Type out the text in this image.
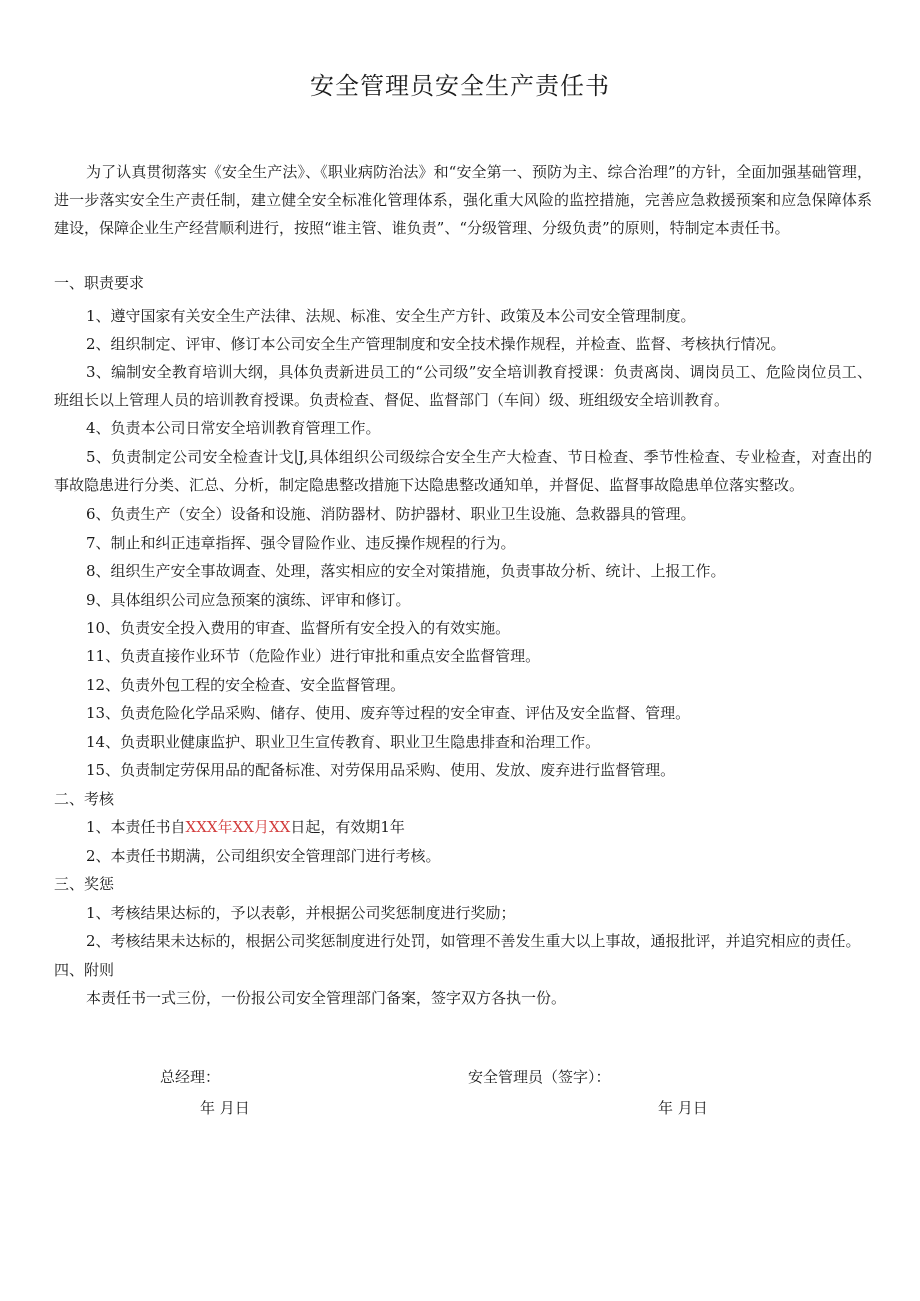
安全管理员安全生产责任书
为了认真贯彻落实《安全生产法》、《职业病防治法》和“安全第一、预防为主、综合治理”的方针，全面加强基础管理，进一步落实安全生产责任制，建立健全安全标准化管理体系，强化重大风险的监控措施，完善应急救援预案和应急保障体系建设，保障企业生产经营顺利进行，按照“谁主管、谁负责”、“分级管理、分级负责”的原则，特制定本责任书。
一、职责要求
1、遵守国家有关安全生产法律、法规、标准、安全生产方针、政策及本公司安全管理制度。
2、组织制定、评审、修订本公司安全生产管理制度和安全技术操作规程，并检查、监督、考核执行情况。
3、编制安全教育培训大纲，具体负责新进员工的“公司级”安全培训教育授课：负责离岗、调岗员工、危险岗位员工、班组长以上管理人员的培训教育授课。负责检查、督促、监督部门（车间）级、班组级安全培训教育。
4、负责本公司日常安全培训教育管理工作。
5、负责制定公司安全检查计戈∣J,具体组织公司级综合安全生产大检查、节日检查、季节性检查、专业检查，对查出的事故隐患进行分类、汇总、分析，制定隐患整改措施下达隐患整改通知单，并督促、监督事故隐患单位落实整改。
6、负责生产（安全）设备和设施、消防器材、防护器材、职业卫生设施、急救器具的管理。
7、制止和纠正违章指挥、强令冒险作业、违反操作规程的行为。
8、组织生产安全事故调查、处理，落实相应的安全对策措施，负责事故分析、统计、上报工作。
9、具体组织公司应急预案的演练、评审和修订。
10、负责安全投入费用的审查、监督所有安全投入的有效实施。
11、负责直接作业环节（危险作业）进行审批和重点安全监督管理。
12、负责外包工程的安全检查、安全监督管理。
13、负责危险化学品采购、储存、使用、废弃等过程的安全审查、评估及安全监督、管理。
14、负责职业健康监护、职业卫生宣传教育、职业卫生隐患排查和治理工作。
15、负责制定劳保用品的配备标准、对劳保用品采购、使用、发放、废弃进行监督管理。
二、考核
1、本责任书自XXX年XX月XX日起，有效期1年
2、本责任书期满，公司组织安全管理部门进行考核。
三、奖惩
1、考核结果达标的，予以表彰，并根据公司奖惩制度进行奖励；
2、考核结果未达标的，根据公司奖惩制度进行处罚，如管理不善发生重大以上事故，通报批评，并追究相应的责任。
四、附则
本责任书一式三份，一份报公司安全管理部门备案，签字双方各执一份。
总经理：	安全管理员（签字）：
年 月日	年 月日
